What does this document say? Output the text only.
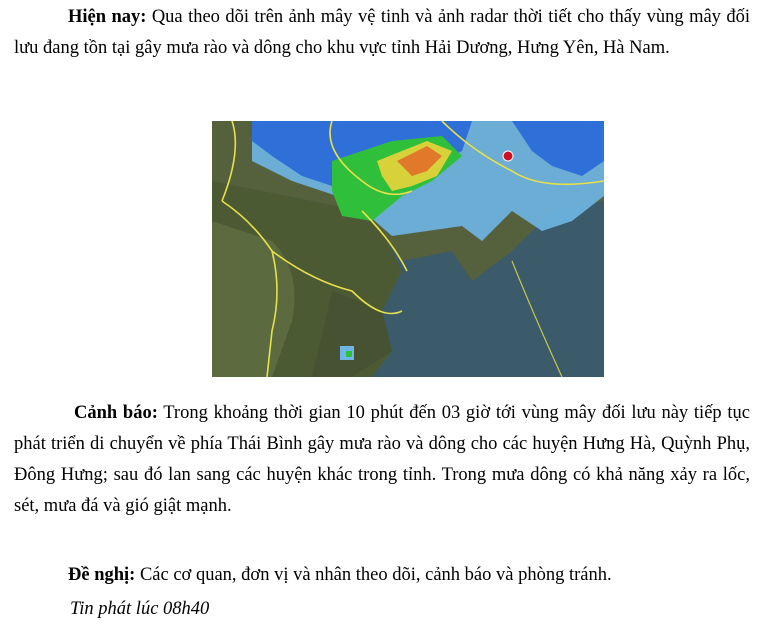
Hiện nay: Qua theo dõi trên ảnh mây vệ tinh và ảnh radar thời tiết cho thấy vùng mây đối lưu đang tồn tại gây mưa rào và dông cho khu vực tỉnh Hải Dương, Hưng Yên, Hà Nam.
Cảnh báo: Trong khoảng thời gian 10 phút đến 03 giờ tới vùng mây đối lưu này tiếp tục phát triển di chuyển về phía Thái Bình gây mưa rào và dông cho các huyện Hưng Hà, Quỳnh Phụ, Đông Hưng; sau đó lan sang các huyện khác trong tỉnh. Trong mưa dông có khả năng xảy ra lốc, sét, mưa đá và gió giật mạnh.
Đề nghị: Các cơ quan, đơn vị và nhân theo dõi, cảnh báo và phòng tránh.
Tin phát lúc 08h40
